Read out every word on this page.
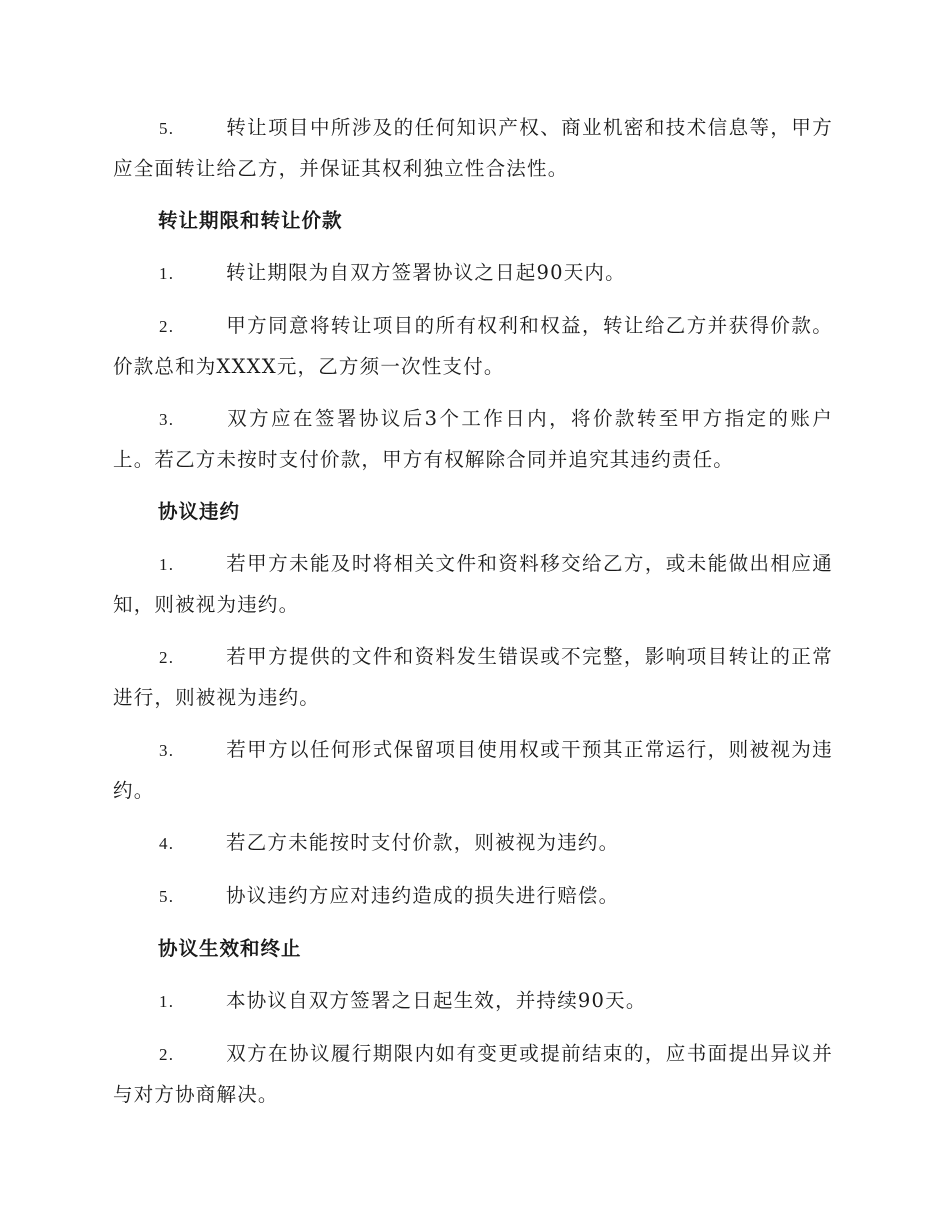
5.	转让项目中所涉及的任何知识产权、商业机密和技术信息等，甲方应全面转让给乙方，并保证其权利独立性合法性。

转让期限和转让价款

1.	转让期限为自双方签署协议之日起90天内。

2.	甲方同意将转让项目的所有权利和权益，转让给乙方并获得价款。价款总和为XXXX元，乙方须一次性支付。

3.	双方应在签署协议后3个工作日内，将价款转至甲方指定的账户上。若乙方未按时支付价款，甲方有权解除合同并追究其违约责任。

协议违约

1.	若甲方未能及时将相关文件和资料移交给乙方，或未能做出相应通知，则被视为违约。

2.	若甲方提供的文件和资料发生错误或不完整，影响项目转让的正常进行，则被视为违约。

3.	若甲方以任何形式保留项目使用权或干预其正常运行，则被视为违约。

4.	若乙方未能按时支付价款，则被视为违约。

5.	协议违约方应对违约造成的损失进行赔偿。

协议生效和终止

1.	本协议自双方签署之日起生效，并持续90天。

2.	双方在协议履行期限内如有变更或提前结束的，应书面提出异议并与对方协商解决。
